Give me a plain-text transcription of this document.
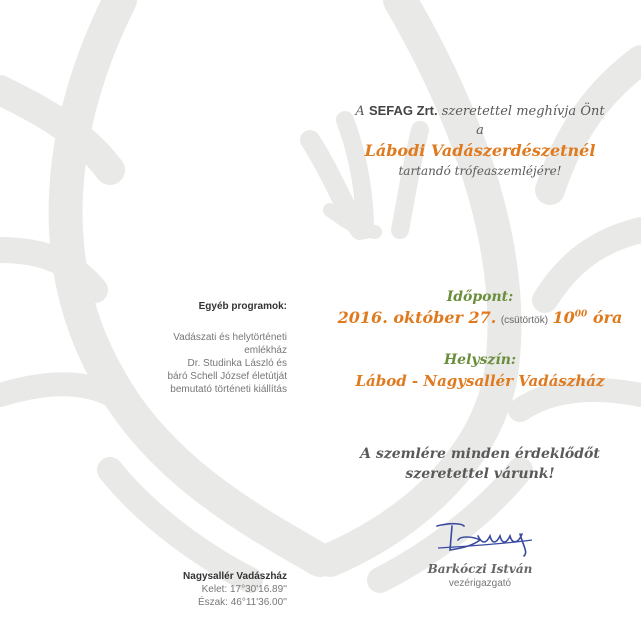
Egyéb programok:
Vadászati és helytörténeti
emlékház
Dr. Studinka László és
báró Schell József életútját
bemutató történeti kiállítás
Nagysallér Vadászház
Kelet: 17°30'16.89''
Észak: 46°11'36.00''
A SEFAG Zrt. szeretettel meghívja Önt
a
Lábodi Vadászerdészetnél
tartandó trófeaszemléjére!
Időpont:
2016. október 27. (csütörtök) $10^{00}$ óra
Helyszín:
Lábod - Nagysallér Vadászház
A szemlére minden érdeklődőt
szeretettel várunk!
Barkóczi István
vezérigazgató
